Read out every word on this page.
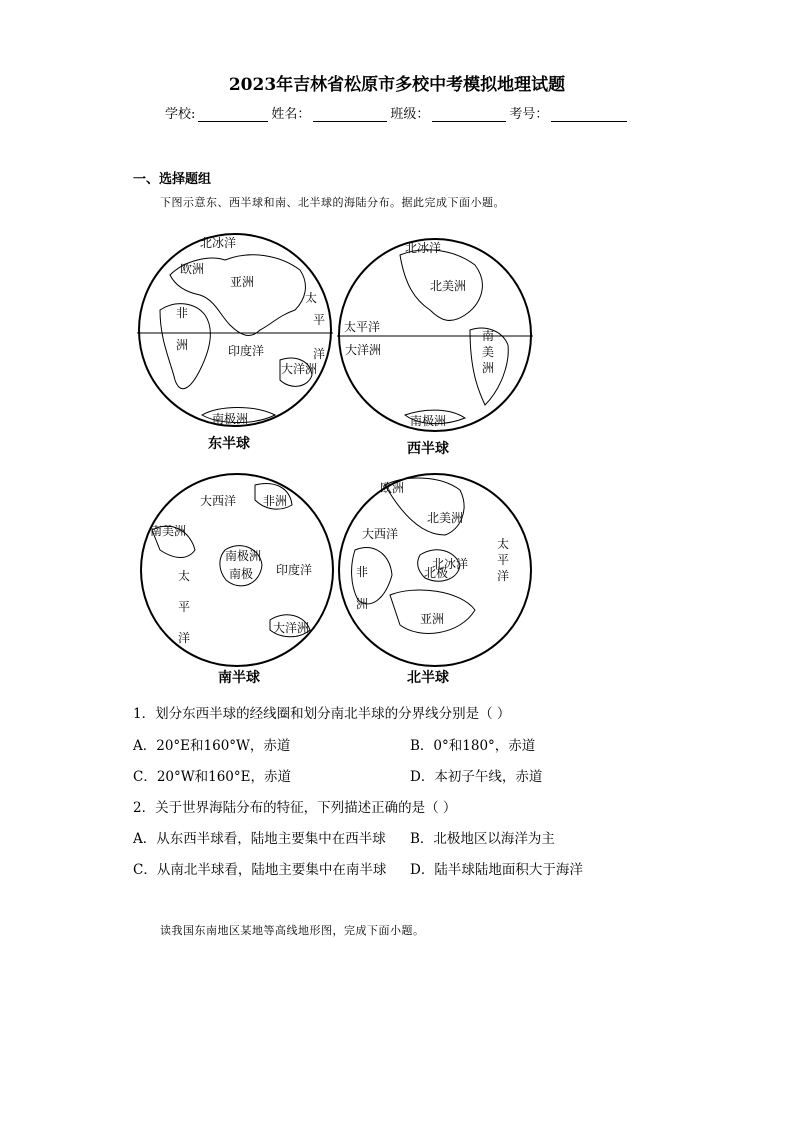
2023年吉林省松原市多校中考模拟地理试题
学校:	姓名：	班级：	考号：
一、选择题组
下图示意东、西半球和南、北半球的海陆分布。据此完成下面小题。
北冰洋
欧洲
亚洲
非
洲	印度洋
太
平
洋
大洋洲
南极洲
东半球
北冰洋
北美洲
太平洋
大洋洲
南
美
洲
南极洲
西半球
大西洋 非洲
南美洲
南极洲
南极 印度洋
太
平
洋
大洋洲
南半球
欧洲
北美洲
大西洋
北冰洋
北极
非
洲
亚洲
太
平
洋
北半球
1．划分东西半球的经线圈和划分南北半球的分界线分别是（ ）
A．20°E和160°W，赤道	B．0°和180°，赤道
C．20°W和160°E，赤道	D．本初子午线，赤道
2．关于世界海陆分布的特征，下列描述正确的是（ ）
A．从东西半球看，陆地主要集中在西半球 B．北极地区以海洋为主
C．从南北半球看，陆地主要集中在南半球 D．陆半球陆地面积大于海洋
读我国东南地区某地等高线地形图，完成下面小题。
